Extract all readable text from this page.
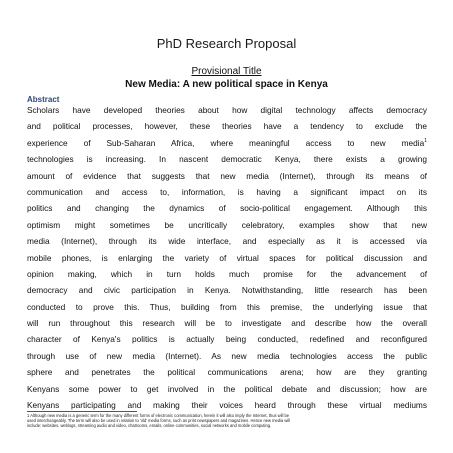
PhD Research Proposal
Provisional Title
New Media: A new political space in Kenya
Abstract
Scholars have developed theories about how digital technology affects democracy
and political processes, however, these theories have a tendency to exclude the
experience of Sub-Saharan Africa, where meaningful access to new media$^1$
technologies is increasing. In nascent democratic Kenya, there exists a growing
amount of evidence that suggests that new media (Internet), through its means of
communication and access to, information, is having a significant impact on its
politics and changing the dynamics of socio-political engagement. Although this
optimism might sometimes be uncritically celebratory, examples show that new
media (Internet), through its wide interface, and especially as it is accessed via
mobile phones, is enlarging the variety of virtual spaces for political discussion and
opinion making, which in turn holds much promise for the advancement of
democracy and civic participation in Kenya. Notwithstanding, little research has been
conducted to prove this. Thus, building from this premise, the underlying issue that
will run throughout this research will be to investigate and describe how the overall
character of Kenya's politics is actually being conducted, redefined and reconfigured
through use of new media (Internet). As new media technologies access the public
sphere and penetrates the political communications arena; how are they granting
Kenyans some power to get involved in the political debate and discussion; how are
Kenyans participating and making their voices heard through these virtual mediums
1 Although new media is a generic term for the many different forms of electronic communication, herein it will also imply the Internet, thus will be
used interchangeably. The term will also be used in relation to 'old' media forms, such as print newspapers and magazines. Hence new media will
include: websites, weblogs, streaming audio and video, chatrooms, emails, online communities, social networks and mobile computing.
